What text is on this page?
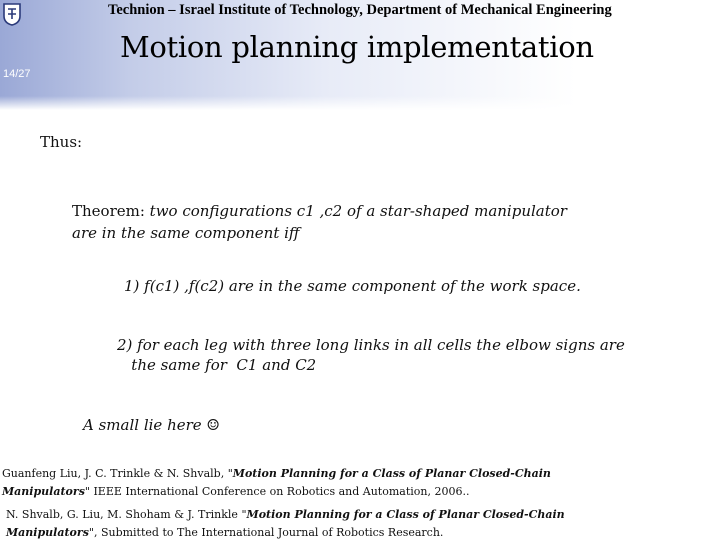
Technion – Israel Institute of Technology, Department of Mechanical Engineering
14/27
Motion planning implementation
Thus:
Theorem: two configurations c1 ,c2 of a star-shaped manipulator
are in the same component iff
1) f(c1) ,f(c2) are in the same component of the work space.
2) for each leg with three long links in all cells the elbow signs are
the same for  C1 and C2
A small lie here ☺
Guanfeng Liu, J. C. Trinkle & N. Shvalb, "Motion Planning for a Class of Planar Closed-Chain
Manipulators" IEEE International Conference on Robotics and Automation, 2006..
N. Shvalb, G. Liu, M. Shoham & J. Trinkle "Motion Planning for a Class of Planar Closed-Chain
Manipulators", Submitted to The International Journal of Robotics Research.
